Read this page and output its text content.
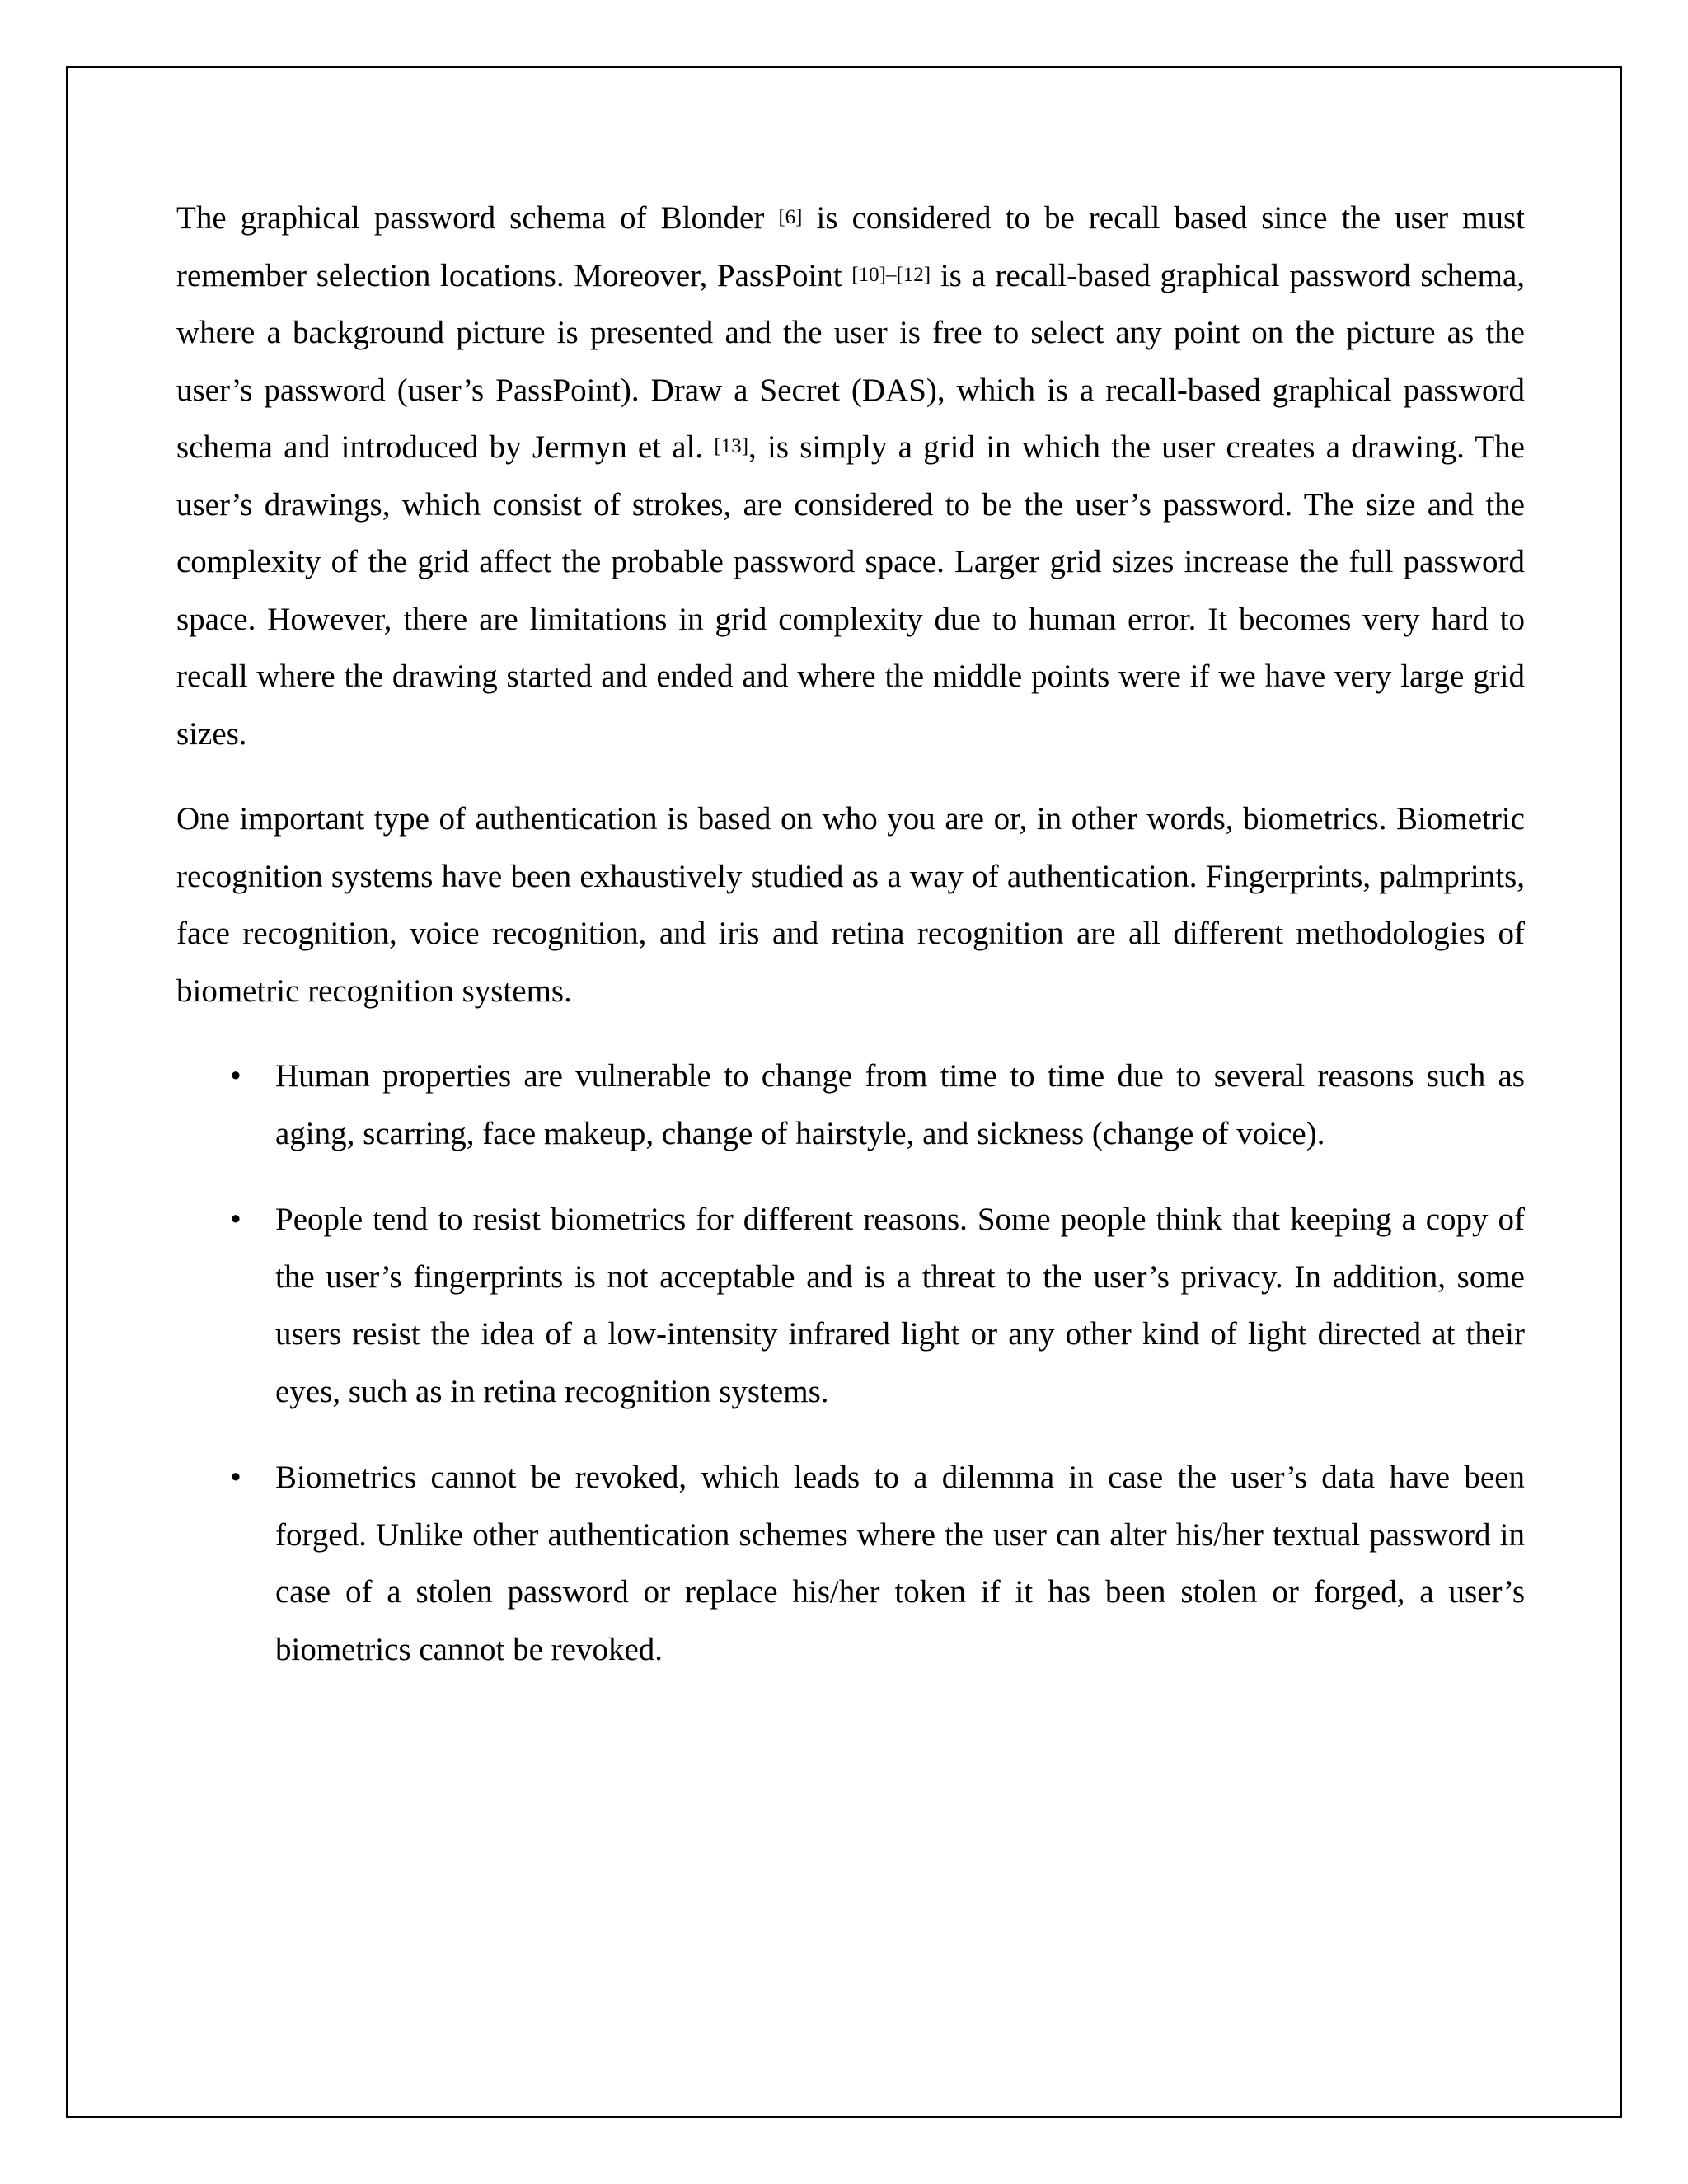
The graphical password schema of Blonder [6] is considered to be recall based since the user must remember selection locations. Moreover, PassPoint [10]–[12] is a recall-based graphical password schema, where a background picture is presented and the user is free to select any point on the picture as the user’s password (user’s PassPoint). Draw a Secret (DAS), which is a recall-based graphical password schema and introduced by Jermyn et al. [13], is simply a grid in which the user creates a drawing. The user’s drawings, which consist of strokes, are considered to be the user’s password. The size and the complexity of the grid affect the probable password space. Larger grid sizes increase the full password space. However, there are limitations in grid complexity due to human error. It becomes very hard to recall where the drawing started and ended and where the middle points were if we have very large grid sizes.

One important type of authentication is based on who you are or, in other words, biometrics. Biometric recognition systems have been exhaustively studied as a way of authentication. Fingerprints, palmprints, face recognition, voice recognition, and iris and retina recognition are all different methodologies of biometric recognition systems.

• Human properties are vulnerable to change from time to time due to several reasons such as aging, scarring, face makeup, change of hairstyle, and sickness (change of voice).
• People tend to resist biometrics for different reasons. Some people think that keeping a copy of the user’s fingerprints is not acceptable and is a threat to the user’s privacy. In addition, some users resist the idea of a low-intensity infrared light or any other kind of light directed at their eyes, such as in retina recognition systems.
• Biometrics cannot be revoked, which leads to a dilemma in case the user’s data have been forged. Unlike other authentication schemes where the user can alter his/her textual password in case of a stolen password or replace his/her token if it has been stolen or forged, a user’s biometrics cannot be revoked.
